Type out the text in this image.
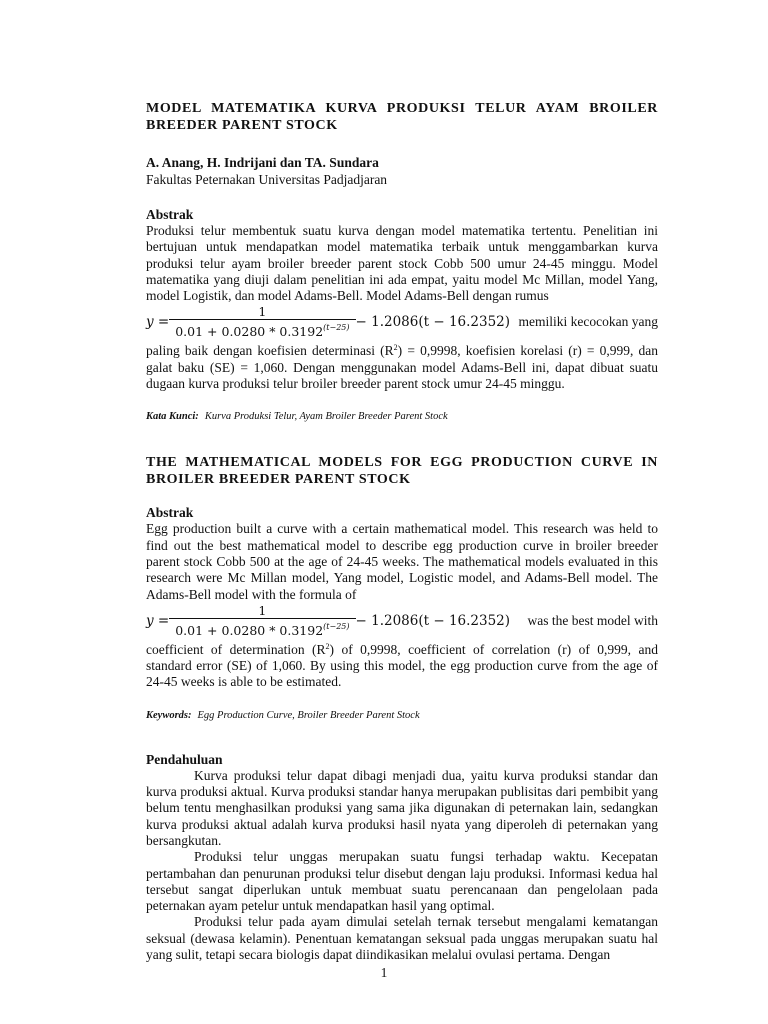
MODEL MATEMATIKA KURVA PRODUKSI TELUR AYAM BROILER BREEDER PARENT STOCK

A. Anang, H. Indrijani dan TA. Sundara

Fakultas Peternakan Universitas Padjadjaran

Abstrak

Produksi telur membentuk suatu kurva dengan model matematika tertentu. Penelitian ini bertujuan untuk mendapatkan model matematika terbaik untuk menggambarkan kurva produksi telur ayam broiler breeder parent stock Cobb 500 umur 24-45 minggu. Model matematika yang diuji dalam penelitian ini ada empat, yaitu model Mc Millan, model Yang, model Logistik, dan model Adams-Bell. Model Adams-Bell dengan rumus

$y = \frac{1}{0.01 + 0.0280 * 0.3192^{(t-25)}} - 1.2086(t - 16.2352)$ memiliki kecocokan yang

paling baik dengan koefisien determinasi $(R^2) = 0,9998$, koefisien korelasi (r) = 0,999, dan galat baku (SE) = 1,060. Dengan menggunakan model Adams-Bell ini, dapat dibuat suatu dugaan kurva produksi telur broiler breeder parent stock umur 24-45 minggu.

Kata Kunci: Kurva Produksi Telur, Ayam Broiler Breeder Parent Stock

THE MATHEMATICAL MODELS FOR EGG PRODUCTION CURVE IN BROILER BREEDER PARENT STOCK

Abstrak

Egg production built a curve with a certain mathematical model. This research was held to find out the best mathematical model to describe egg production curve in broiler breeder parent stock Cobb 500 at the age of 24-45 weeks. The mathematical models evaluated in this research were Mc Millan model, Yang model, Logistic model, and Adams-Bell model. The Adams-Bell model with the formula of

$y = \frac{1}{0.01 + 0.0280 * 0.3192^{(t-25)}} - 1.2086(t - 16.2352)$	was the best model with

coefficient of determination $(R^2)$ of 0,9998, coefficient of correlation (r) of 0,999, and standard error (SE) of 1,060. By using this model, the egg production curve from the age of 24-45 weeks is able to be estimated.

Keywords: Egg Production Curve, Broiler Breeder Parent Stock

Pendahuluan

Kurva produksi telur dapat dibagi menjadi dua, yaitu kurva produksi standar dan kurva produksi aktual. Kurva produksi standar hanya merupakan publisitas dari pembibit yang belum tentu menghasilkan produksi yang sama jika digunakan di peternakan lain, sedangkan kurva produksi aktual adalah kurva produksi hasil nyata yang diperoleh di peternakan yang bersangkutan.

Produksi telur unggas merupakan suatu fungsi terhadap waktu. Kecepatan pertambahan dan penurunan produksi telur disebut dengan laju produksi. Informasi kedua hal tersebut sangat diperlukan untuk membuat suatu perencanaan dan pengelolaan pada peternakan ayam petelur untuk mendapatkan hasil yang optimal.

Produksi telur pada ayam dimulai setelah ternak tersebut mengalami kematangan seksual (dewasa kelamin). Penentuan kematangan seksual pada unggas merupakan suatu hal yang sulit, tetapi secara biologis dapat diindikasikan melalui ovulasi pertama. Dengan

1
